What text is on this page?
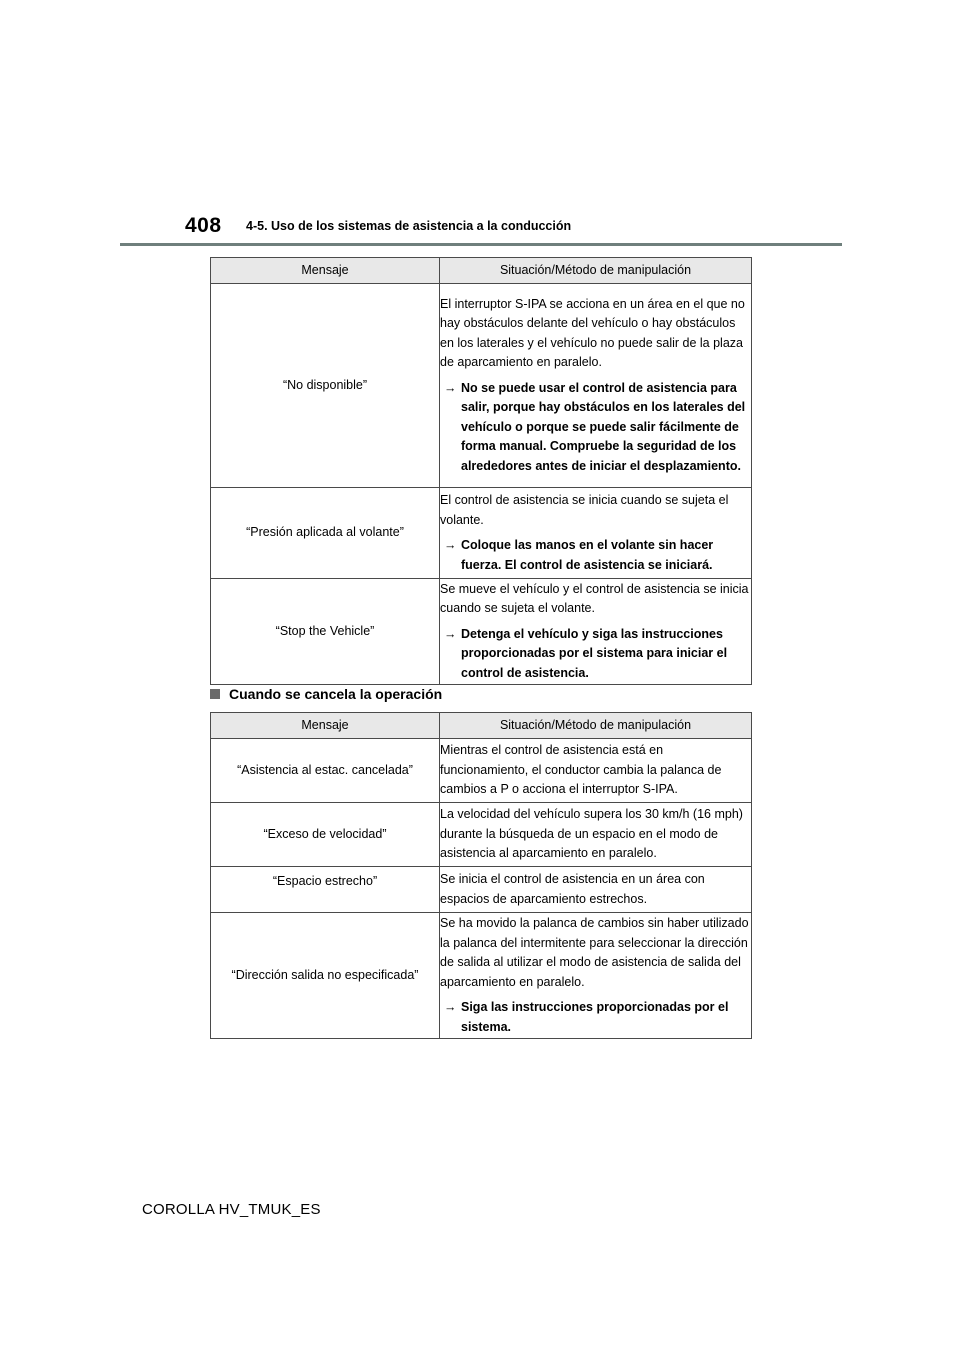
408 4-5. Uso de los sistemas de asistencia a la conducción
Mensaje	Situación/Método de manipulación
“No disponible”	El interruptor S-IPA se acciona en un área en el que no hay obstáculos delante del vehículo o hay obstáculos en los laterales y el vehículo no puede salir de la plaza de aparcamiento en paralelo.

→ No se puede usar el control de asistencia para salir, porque hay obstáculos en los laterales del vehículo o porque se puede salir fácilmente de forma manual. Compruebe la seguridad de los alrededores antes de iniciar el desplazamiento.

“Presión aplicada al volante”	El control de asistencia se inicia cuando se sujeta el volante.

→ Coloque las manos en el volante sin hacer fuerza. El control de asistencia se iniciará.

“Stop the Vehicle”	Se mueve el vehículo y el control de asistencia se inicia cuando se sujeta el volante.

→ Detenga el vehículo y siga las instrucciones proporcionadas por el sistema para iniciar el control de asistencia.
Cuando se cancela la operación
Mensaje	Situación/Método de manipulación
“Asistencia al estac. cancelada”	Mientras el control de asistencia está en funcionamiento, el conductor cambia la palanca de cambios a P o acciona el interruptor S-IPA.

“Exceso de velocidad”	La velocidad del vehículo supera los 30 km/h (16 mph) durante la búsqueda de un espacio en el modo de asistencia al aparcamiento en paralelo.

“Espacio estrecho”	Se inicia el control de asistencia en un área con espacios de aparcamiento estrechos.

“Dirección salida no especificada”	Se ha movido la palanca de cambios sin haber utilizado la palanca del intermitente para seleccionar la dirección de salida al utilizar el modo de asistencia de salida del aparcamiento en paralelo.

→ Siga las instrucciones proporcionadas por el sistema.
COROLLA HV_TMUK_ES
